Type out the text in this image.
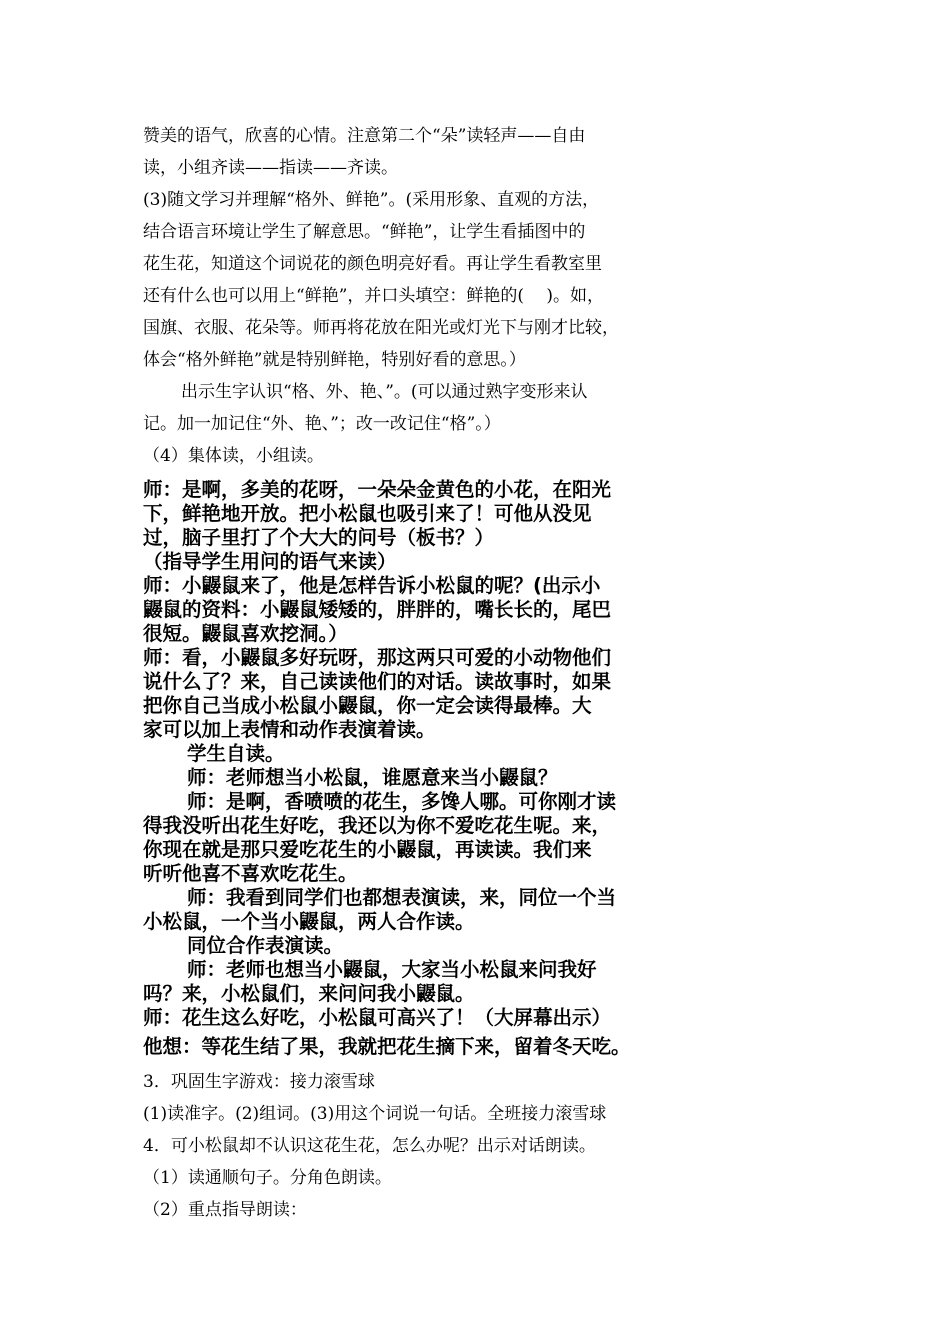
赞美的语气，欣喜的心情。注意第二个“朵”读轻声——自由

读，小组齐读——指读——齐读。

(3)随文学习并理解“格外、鲜艳”。(采用形象、直观的方法，

结合语言环境让学生了解意思。“鲜艳”，让学生看插图中的

花生花，知道这个词说花的颜色明亮好看。再让学生看教室里

还有什么也可以用上“鲜艳”，并口头填空：鲜艳的(　 )。如，

国旗、衣服、花朵等。师再将花放在阳光或灯光下与刚才比较，

体会“格外鲜艳”就是特别鲜艳，特别好看的意思。）

出示生字认识“格、外、艳、”。(可以通过熟字变形来认

记。加一加记住“外、艳、”；改一改记住“格”。）

（4）集体读，小组读。

师：是啊，多美的花呀，一朵朵金黄色的小花，在阳光

下，鲜艳地开放。把小松鼠也吸引来了！可他从没见

过，脑子里打了个大大的问号（板书？）

（指导学生用问的语气来读）

师：小鼹鼠来了，他是怎样告诉小松鼠的呢？(出示小

鼹鼠的资料：小鼹鼠矮矮的，胖胖的，嘴长长的，尾巴

很短。鼹鼠喜欢挖洞。）

师：看，小鼹鼠多好玩呀，那这两只可爱的小动物他们

说什么了？来，自己读读他们的对话。读故事时，如果

把你自己当成小松鼠小鼹鼠，你一定会读得最棒。大

家可以加上表情和动作表演着读。

学生自读。

师：老师想当小松鼠，谁愿意来当小鼹鼠？

师：是啊，香喷喷的花生，多馋人哪。可你刚才读

得我没听出花生好吃，我还以为你不爱吃花生呢。来，

你现在就是那只爱吃花生的小鼹鼠，再读读。我们来

听听他喜不喜欢吃花生。

师：我看到同学们也都想表演读，来，同位一个当

小松鼠，一个当小鼹鼠，两人合作读。

同位合作表演读。

师：老师也想当小鼹鼠，大家当小松鼠来问我好

吗？来，小松鼠们，来问问我小鼹鼠。

师：花生这么好吃，小松鼠可高兴了！（大屏幕出示）

他想：等花生结了果，我就把花生摘下来，留着冬天吃。

3．巩固生字游戏：接力滚雪球

(1)读准字。(2)组词。(3)用这个词说一句话。全班接力滚雪球

4．可小松鼠却不认识这花生花，怎么办呢？出示对话朗读。

（1）读通顺句子。分角色朗读。

（2）重点指导朗读：
